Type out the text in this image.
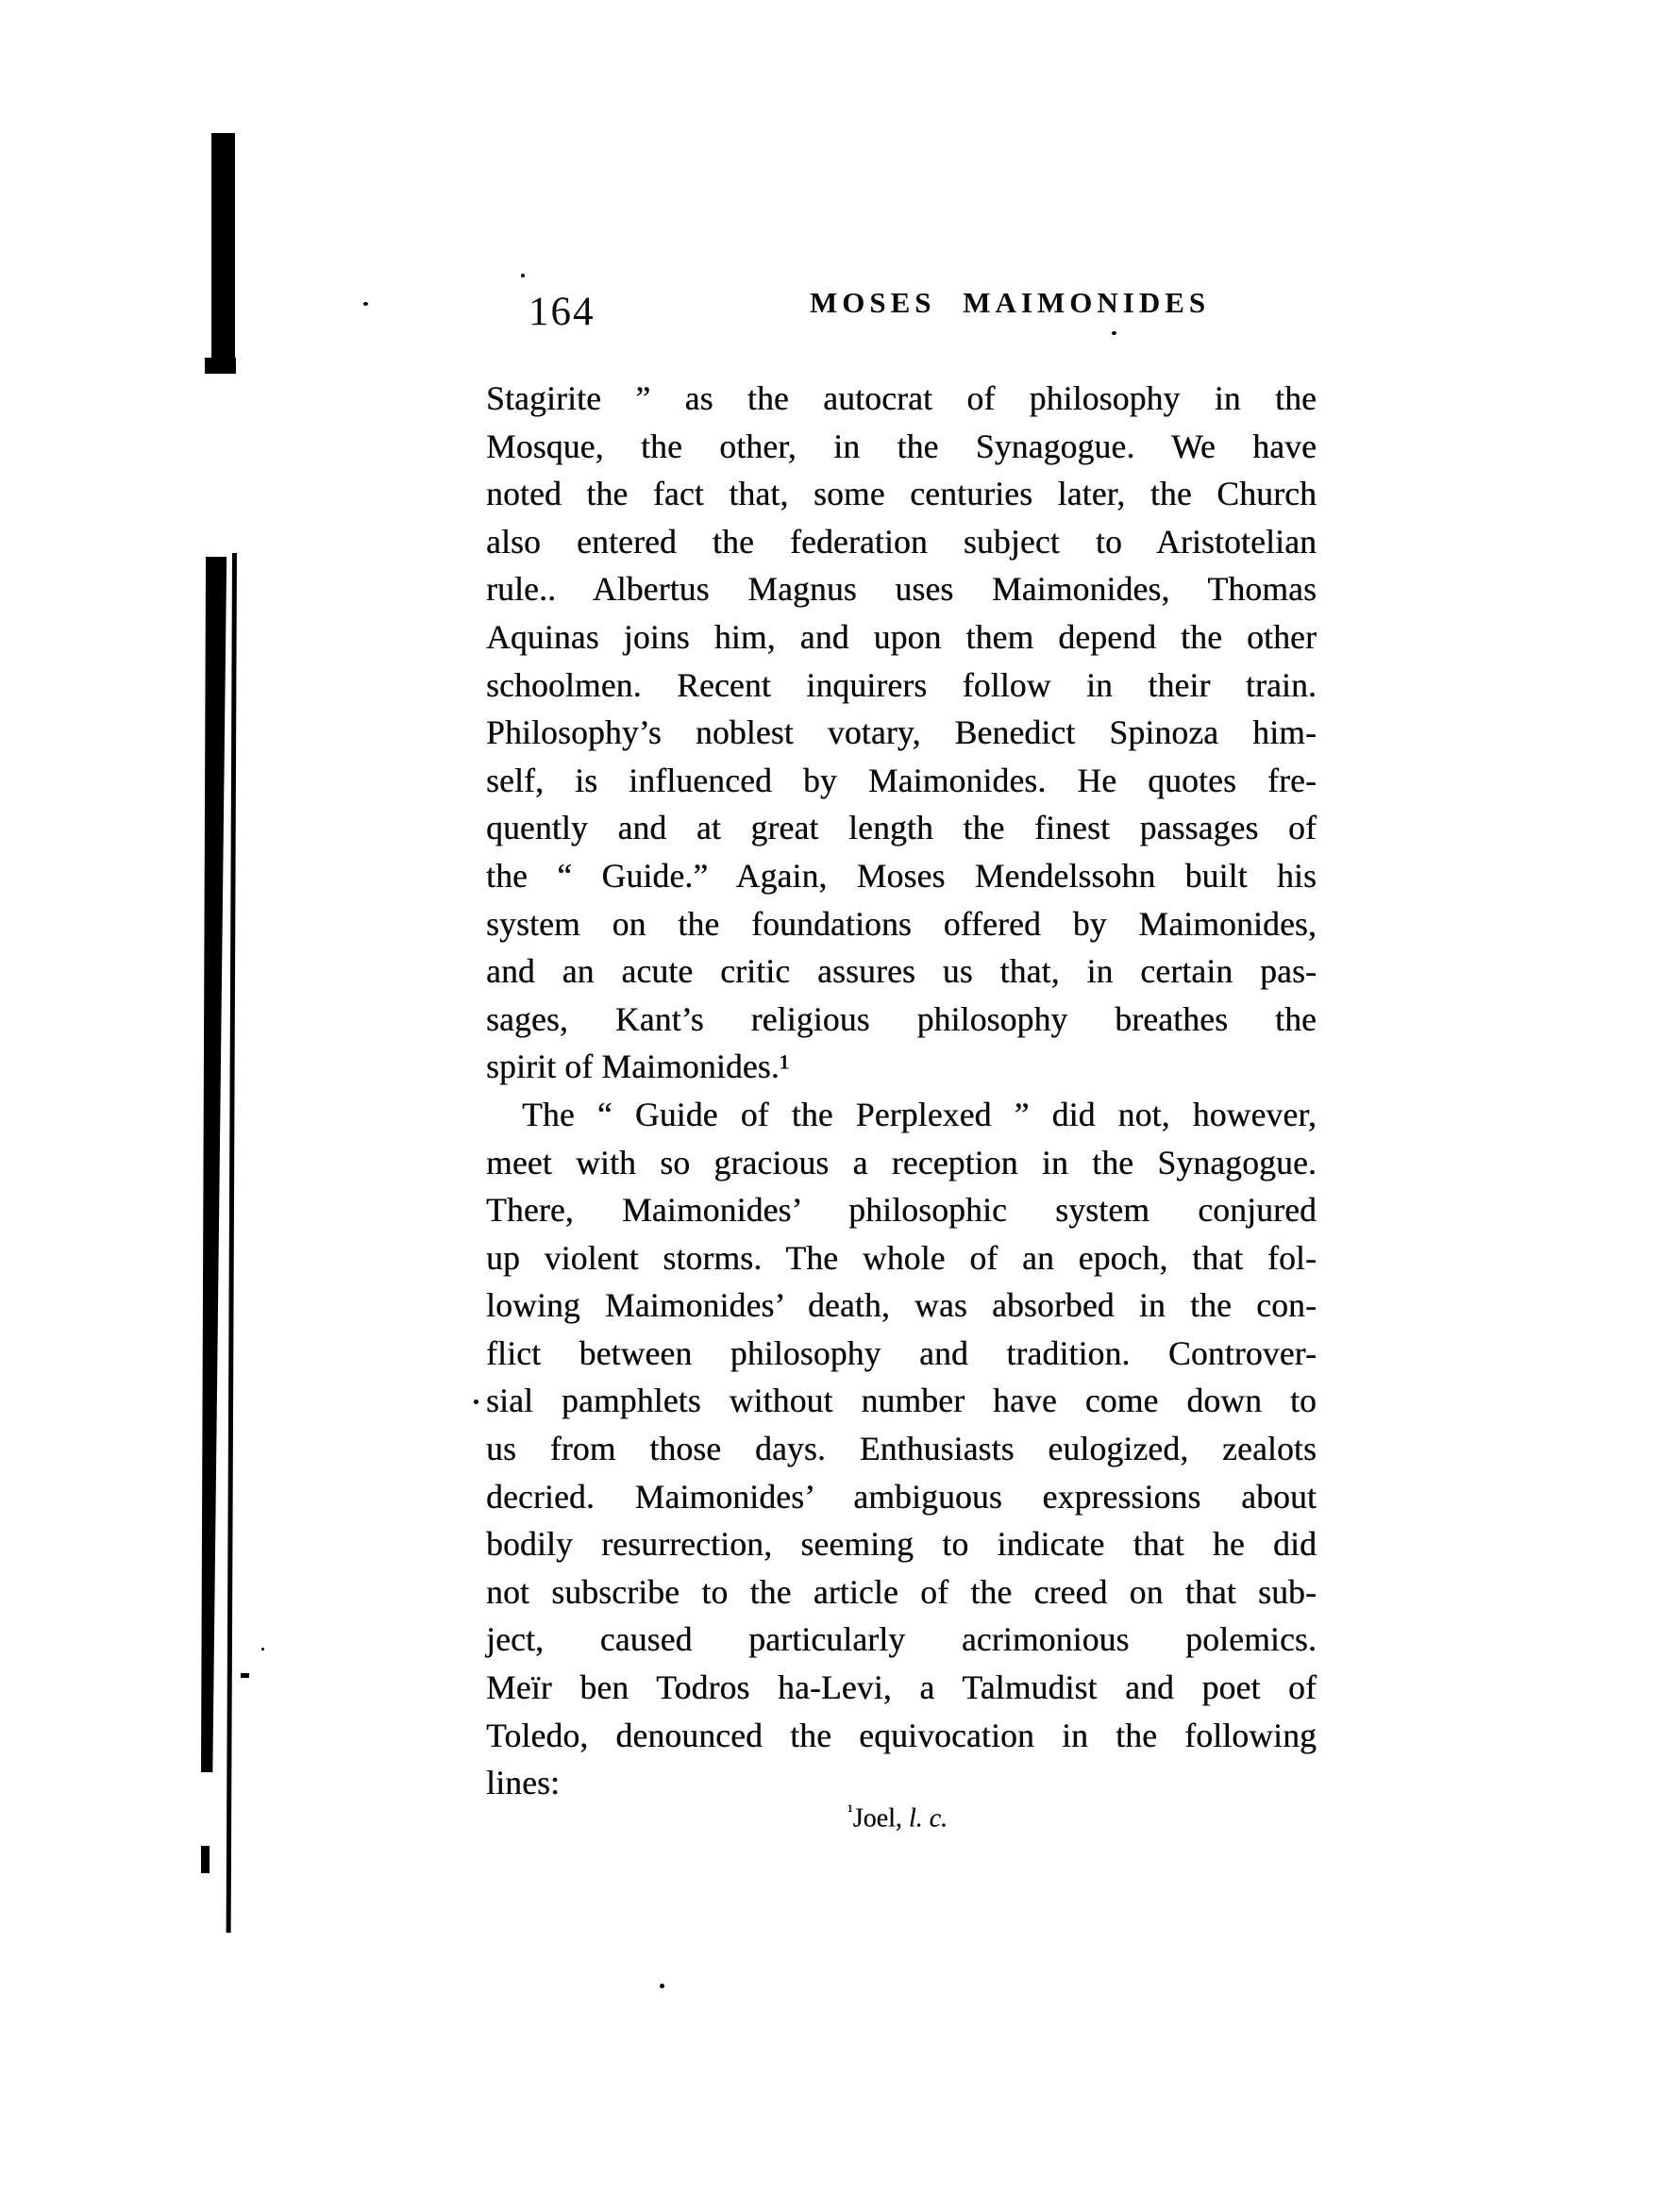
164	MOSES MAIMONIDES
Stagirite ” as the autocrat of philosophy in the
Mosque, the other, in the Synagogue. We have
noted the fact that, some centuries later, the Church
also entered the federation subject to Aristotelian
rule.. Albertus Magnus uses Maimonides, Thomas
Aquinas joins him, and upon them depend the other
schoolmen. Recent inquirers follow in their train.
Philosophy’s noblest votary, Benedict Spinoza him-
self, is influenced by Maimonides. He quotes fre-
quently and at great length the finest passages of
the “ Guide.” Again, Moses Mendelssohn built his
system on the foundations offered by Maimonides,
and an acute critic assures us that, in certain pas-
sages, Kant’s religious philosophy breathes the
spirit of Maimonides.¹
The “ Guide of the Perplexed ” did not, however,
meet with so gracious a reception in the Synagogue.
There, Maimonides’ philosophic system conjured
up violent storms. The whole of an epoch, that fol-
lowing Maimonides’ death, was absorbed in the con-
flict between philosophy and tradition. Controver-
sial pamphlets without number have come down to
us from those days. Enthusiasts eulogized, zealots
decried. Maimonides’ ambiguous expressions about
bodily resurrection, seeming to indicate that he did
not subscribe to the article of the creed on that sub-
ject, caused particularly acrimonious polemics.
Meïr ben Todros ha-Levi, a Talmudist and poet of
Toledo, denounced the equivocation in the following
lines:
$^{^1}$Joel, l. c.
